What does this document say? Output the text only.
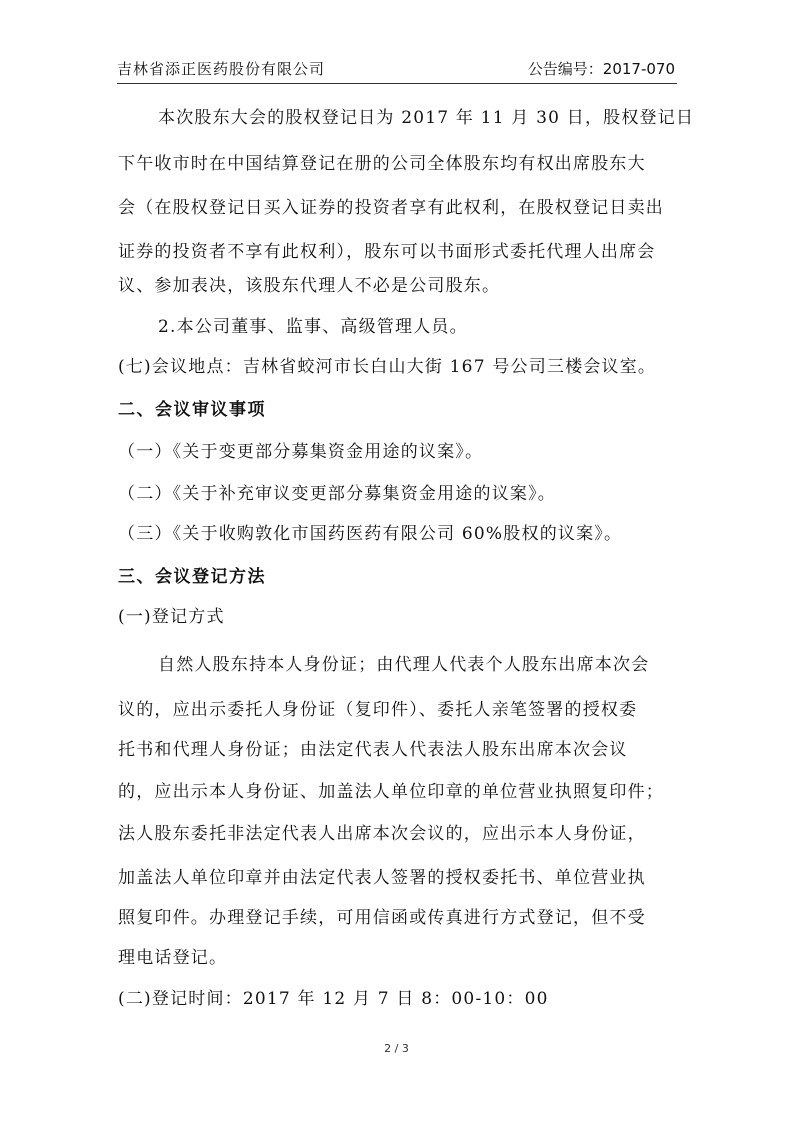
吉林省添正医药股份有限公司	公告编号：2017-070
本次股东大会的股权登记日为 2017 年 11 月 30 日，股权登记日
下午收市时在中国结算登记在册的公司全体股东均有权出席股东大
会（在股权登记日买入证券的投资者享有此权利，在股权登记日卖出
证券的投资者不享有此权利），股东可以书面形式委托代理人出席会
议、参加表决，该股东代理人不必是公司股东。
2.本公司董事、监事、高级管理人员。
(七)会议地点：吉林省蛟河市长白山大街 167 号公司三楼会议室。
二、会议审议事项
（一）《关于变更部分募集资金用途的议案》。
（二）《关于补充审议变更部分募集资金用途的议案》。
（三）《关于收购敦化市国药医药有限公司 60%股权的议案》。
三、会议登记方法
(一)登记方式
自然人股东持本人身份证；由代理人代表个人股东出席本次会
议的，应出示委托人身份证（复印件）、委托人亲笔签署的授权委
托书和代理人身份证；由法定代表人代表法人股东出席本次会议
的，应出示本人身份证、加盖法人单位印章的单位营业执照复印件；
法人股东委托非法定代表人出席本次会议的，应出示本人身份证，
加盖法人单位印章并由法定代表人签署的授权委托书、单位营业执
照复印件。办理登记手续，可用信函或传真进行方式登记，但不受
理电话登记。
(二)登记时间：2017 年 12 月 7 日 8：00-10：00
2 / 3
